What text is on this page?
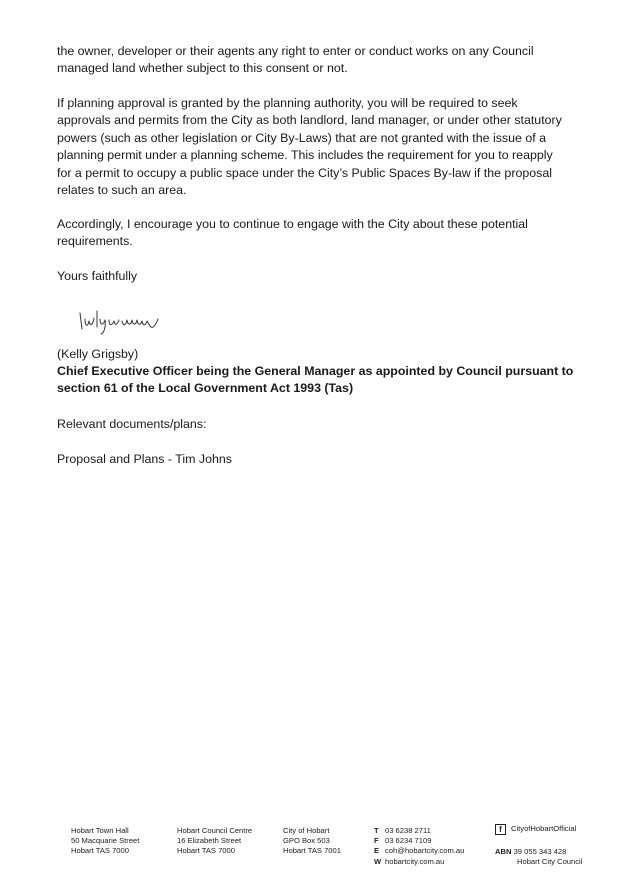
the owner, developer or their agents any right to enter or conduct works on any Council managed land whether subject to this consent or not.

If planning approval is granted by the planning authority, you will be required to seek approvals and permits from the City as both landlord, land manager, or under other statutory powers (such as other legislation or City By-Laws) that are not granted with the issue of a planning permit under a planning scheme. This includes the requirement for you to reapply for a permit to occupy a public space under the City’s Public Spaces By-law if the proposal relates to such an area.

Accordingly, I encourage you to continue to engage with the City about these potential requirements.

Yours faithfully

(Kelly Grigsby)
Chief Executive Officer being the General Manager as appointed by Council pursuant to section 61 of the Local Government Act 1993 (Tas)

Relevant documents/plans:

Proposal and Plans - Tim Johns

Hobart Town Hall
50 Macquarie Street
Hobart TAS 7000
Hobart Council Centre
16 Elizabeth Street
Hobart TAS 7000
City of Hobart
GPO Box 503
Hobart TAS 7001
T 03 6238 2711
F 03 6234 7109
E coh@hobartcity.com.au
W hobartcity.com.au
f	CityofHobartOfficial
ABN 39 055 343 428
Hobart City Council
